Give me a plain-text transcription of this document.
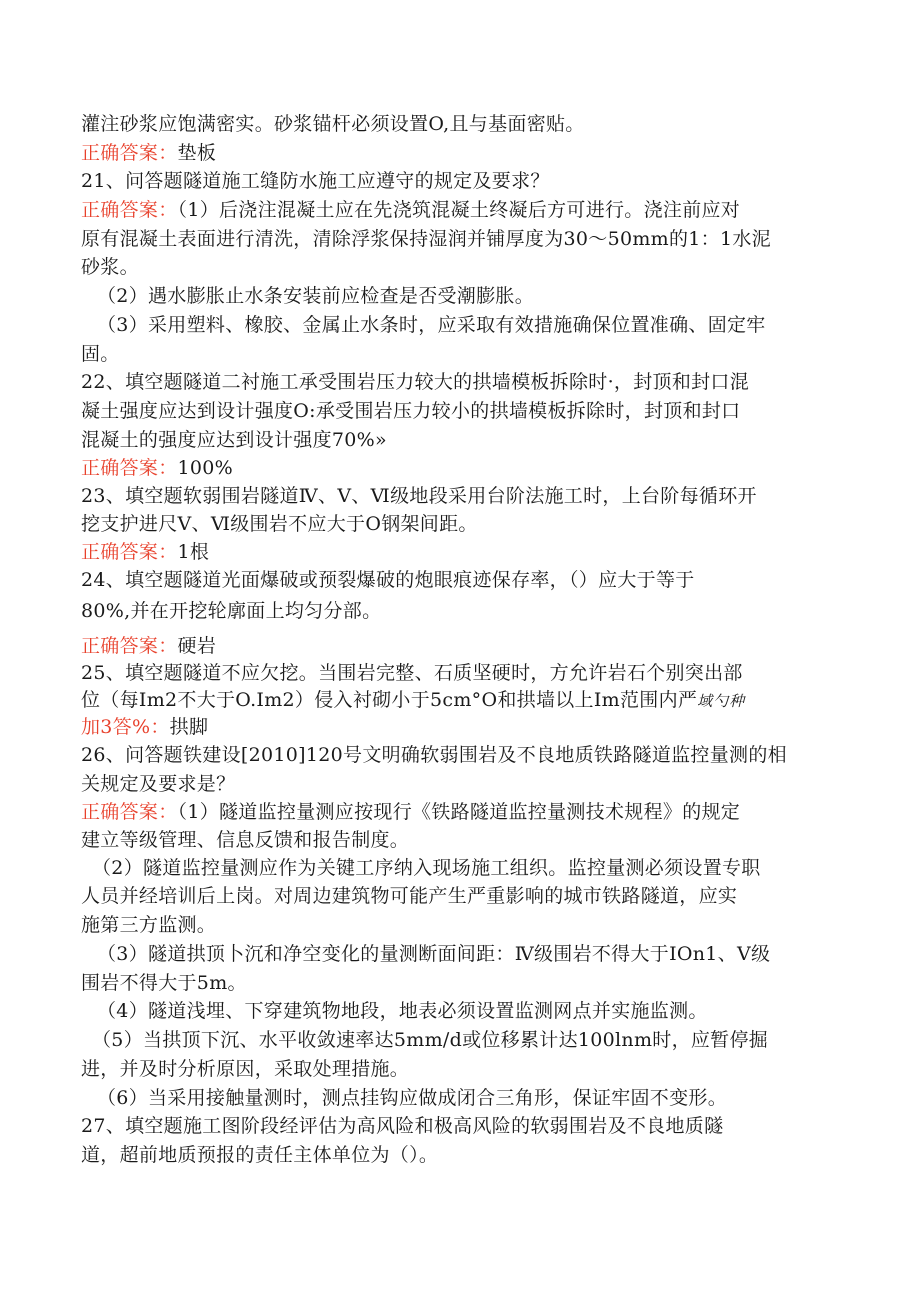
灌注砂浆应饱满密实。砂浆锚杆必须设置O,且与基面密贴。
正确答案：垫板
21、问答题隧道施工缝防水施工应遵守的规定及要求？
正确答案：（1）后浇注混凝土应在先浇筑混凝土终凝后方可进行。浇注前应对
原有混凝土表面进行清洗，清除浮浆保持湿润并铺厚度为30～50mm的1：1水泥
砂浆。
（2）遇水膨胀止水条安装前应检查是否受潮膨胀。
（3）采用塑料、橡胶、金属止水条时，应采取有效措施确保位置准确、固定牢
固。
22、填空题隧道二衬施工承受围岩压力较大的拱墙模板拆除时·，封顶和封口混
凝土强度应达到设计强度O:承受围岩压力较小的拱墙模板拆除时，封顶和封口
混凝土的强度应达到设计强度70%»
正确答案：100%
23、填空题软弱围岩隧道Ⅳ、Ⅴ、Ⅵ级地段采用台阶法施工时，上台阶每循环开
挖支护进尺Ⅴ、Ⅵ级围岩不应大于O钢架间距。
正确答案：1根
24、填空题隧道光面爆破或预裂爆破的炮眼痕迹保存率，（）应大于等于
80%,并在开挖轮廓面上均匀分部。
正确答案：硬岩
25、填空题隧道不应欠挖。当围岩完整、石质坚硬时，方允许岩石个别突出部
位（每Im2不大于O.Im2）侵入衬砌小于5cm°O和拱墙以上Im范围内严域勺种
加3答%：拱脚
26、问答题铁建设[2010]120号文明确软弱围岩及不良地质铁路隧道监控量测的相
关规定及要求是？
正确答案：（1）隧道监控量测应按现行《铁路隧道监控量测技术规程》的规定
建立等级管理、信息反馈和报告制度。
（2）隧道监控量测应作为关键工序纳入现场施工组织。监控量测必须设置专职
人员并经培训后上岗。对周边建筑物可能产生严重影响的城市铁路隧道，应实
施第三方监测。
（3）隧道拱顶卜沉和净空变化的量测断面间距：Ⅳ级围岩不得大于IOn1、Ⅴ级
围岩不得大于5m。
（4）隧道浅埋、下穿建筑物地段，地表必须设置监测网点并实施监测。
（5）当拱顶下沉、水平收敛速率达5mm∕d或位移累计达100lnm时，应暂停掘
进，并及时分析原因，采取处理措施。
（6）当采用接触量测时，测点挂钩应做成闭合三角形，保证牢固不变形。
27、填空题施工图阶段经评估为高风险和极高风险的软弱围岩及不良地质隧
道，超前地质预报的责任主体单位为（）。
